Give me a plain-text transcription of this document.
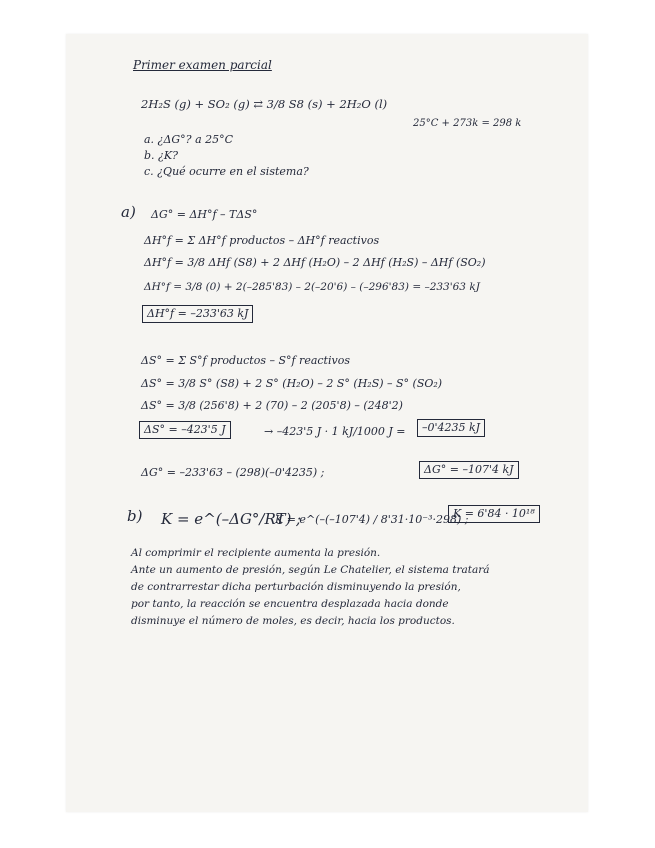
Primer examen parcial
2H₂S (g) + SO₂ (g) ⇄ 3/8 S8 (s) + 2H₂O (l)
25°C + 273k = 298 k
a. ¿ΔG°? a 25°C
b. ¿K?
c. ¿Qué ocurre en el sistema?
a) ΔG° = ΔH°f – TΔS°
ΔH°f = Σ ΔH°f productos – ΔH°f reactivos
ΔH°f = 3/8 ΔHf (S8) + 2 ΔHf (H₂O) – 2 ΔHf (H₂S) – ΔHf (SO₂)
ΔH°f = 3/8 (0) + 2(–285'83) – 2(–20'6) – (–296'83) = –233'63 kJ
ΔH°f = –233'63 kJ
ΔS° = Σ S°f productos – S°f reactivos
ΔS° = 3/8 S° (S8) + 2 S° (H₂O) – 2 S° (H₂S) – S° (SO₂)
ΔS° = 3/8 (256'8) + 2 (70) – 2 (205'8) – (248'2)
ΔS° = –423'5 J	→ –423'5 J · 1 kJ/1000 J =	–0'4235 kJ
ΔG° = –233'63 – (298)(–0'4235) ;	ΔG° = –107'4 kJ
b) K = e^(–ΔG°/RT) ;
K = e^(–(–107'4) / 8'31·10⁻³·298) ;
K = 6'84 · 10¹⁸
Al comprimir el recipiente aumenta la presión.
Ante un aumento de presión, según Le Chatelier, el sistema tratará
de contrarrestar dicha perturbación disminuyendo la presión,
por tanto, la reacción se encuentra desplazada hacia donde
disminuye el número de moles, es decir, hacia los productos.
